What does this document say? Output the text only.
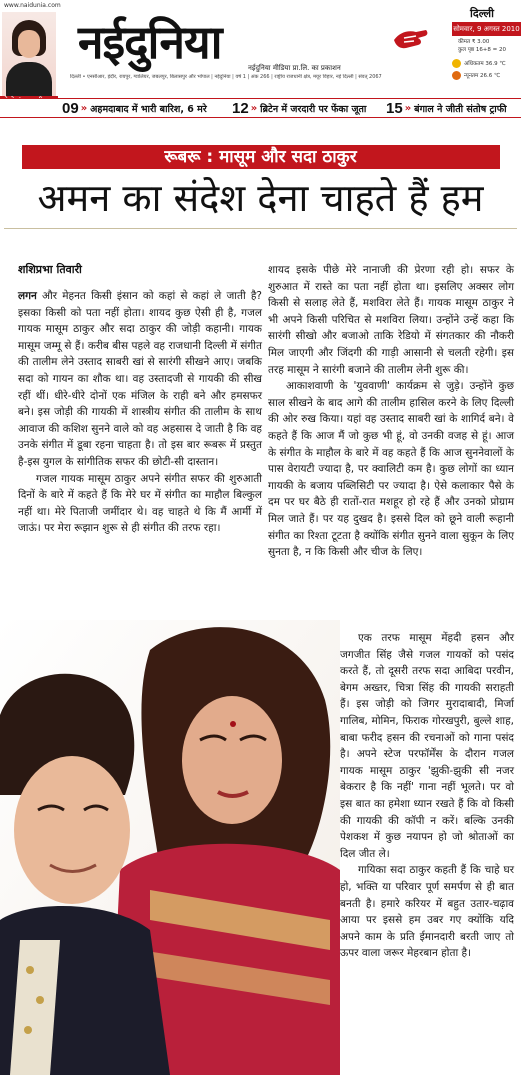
www.naidunia.com
नईदुनिया	नईदुनिया मीडिया प्रा.लि. का प्रकाशन
दिल्ली • एनसीआर, इंदौर, रायपुर, ग्वालियर, जबलपुर, बिलासपुर और भोपाल | नईदुनिया | वर्ष 1 | अंक 266 | राष्ट्रीय राजधानी क्षेत्र, मयूर विहार, नई दिल्ली | संवत् 2067
दिल्ली
सोमवार, 9 अगस्त 2010
कीमत ₹ 3.00
कुल पृष्ठ 16+8 = 20
अधिकतम 36.9 ℃
न्यूनतम 26.6 ℃
09 » अहमदाबाद में भारी बारिश, 6 मरे 12 » ब्रिटेन में जरदारी पर फेंका जूता 15 » बंगाल ने जीती संतोष ट्राफी
रूबरू : मासूम और सदा ठाकुर
अमन का संदेश देना चाहते हैं हम
शशिप्रभा तिवारी

लगन और मेहनत किसी इंसान को कहां से कहां ले जाती है? इसका किसी को पता नहीं होता। शायद कुछ ऐसी ही है, गजल गायक मासूम ठाकुर और सदा ठाकुर की जोड़ी कहानी। गायक मासूम जम्मू से हैं। करीब बीस पहले वह राजधानी दिल्ली में संगीत की तालीम लेने उस्ताद साबरी खां से सारंगी सीखने आए। जबकि सदा को गायन का शौक था। वह उस्तादजी से गायकी की सीख रहीं थीं। धीरे-धीरे दोनों एक मंजिल के राही बने और हमसफर बने। इस जोड़ी की गायकी में शास्त्रीय संगीत की तालीम के साथ आवाज की कशिश सुनने वाले को वह अहसास दे जाती है कि वह उनके संगीत में डूबा रहना चाहता है। तो इस बार रूबरू में प्रस्तुत है-इस युगल के सांगीतिक सफर की छोटी-सी दास्तान।

गजल गायक मासूम ठाकुर अपने संगीत सफर की शुरुआती दिनों के बारे में कहते हैं कि मेरे घर में संगीत का माहौल बिल्कुल नहीं था। मेरे पिताजी जमींदार थे। वह चाहते थे कि मैं आर्मी में जाऊं। पर मेरा रूझान शुरू से ही संगीत की तरफ रहा।

शायद इसके पीछे मेरे नानाजी की प्रेरणा रही हो। सफर के शुरुआत में रास्ते का पता नहीं होता था। इसलिए अक्सर लोग किसी से सलाह लेते हैं, मशविरा लेते हैं। गायक मासूम ठाकुर ने भी अपने किसी परिचित से मशविरा लिया। उन्होंने उन्हें कहा कि सारंगी सीखो और बजाओ ताकि रेडियो में संगतकार की नौकरी मिल जाएगी और जिंदगी की गाड़ी आसानी से चलती रहेगी। इस तरह मासूम ने सारंगी बजाने की तालीम लेनी शुरू की।

आकाशवाणी के 'युववाणी' कार्यक्रम से जुड़े। उन्होंने कुछ साल सीखने के बाद आगे की तालीम हासिल करने के लिए दिल्ली की ओर रुख किया। यहां वह उस्ताद साबरी खां के शागिर्द बने। वे कहते हैं कि आज मैं जो कुछ भी हूं, वो उनकी वजह से हूं। आज के संगीत के माहौल के बारे में वह कहते हैं कि आज सुननेवालों के पास वेरायटी ज्यादा है, पर क्वालिटी कम है। कुछ लोगों का ध्यान गायकी के बजाय पब्लिसिटी पर ज्यादा है। ऐसे कलाकार पैसे के दम पर घर बैठे ही रातों-रात मशहूर हो रहे हैं और उनको प्रोग्राम मिल जाते हैं। पर यह दुखद है। इससे दिल को छूने वाली रूहानी संगीत का रिश्ता टूटता है क्योंकि संगीत सुनने वाला सुकून के लिए सुनता है, न कि किसी और चीज के लिए।

एक तरफ मासूम मेंहदी हसन और जगजीत सिंह जैसे गजल गायकों को पसंद करते हैं, तो दूसरी तरफ सदा आबिदा परवीन, बेगम अख्तर, चित्रा सिंह की गायकी सराहती हैं। इस जोड़ी को जिगर मुरादाबादी, मिर्जा गालिब, मोमिन, फिराक गोरखपुरी, बुल्ले शाह, बाबा फरीद हसन की रचनाओं को गाना पसंद है। अपने स्टेज परफॉर्मेंस के दौरान गजल गायक मासूम ठाकुर 'झुकी-झुकी सी नजर बेकरार है कि नहीं' गाना नहीं भूलते। पर वो इस बात का हमेशा ध्यान रखते हैं कि वो किसी की गायकी की कॉपी न करें। बल्कि उनकी पेशकश में कुछ नयापन हो जो श्रोताओं का दिल जीत ले।

गायिका सदा ठाकुर कहती हैं कि चाहे घर हो, भक्ति या परिवार पूर्ण समर्पण से ही बात बनती है। हमारे करियर में बहुत उतार-चढ़ाव आया पर इससे हम उबर गए क्योंकि यदि अपने काम के प्रति ईमानदारी बरती जाए तो ऊपर वाला जरूर मेहरबान होता है।
